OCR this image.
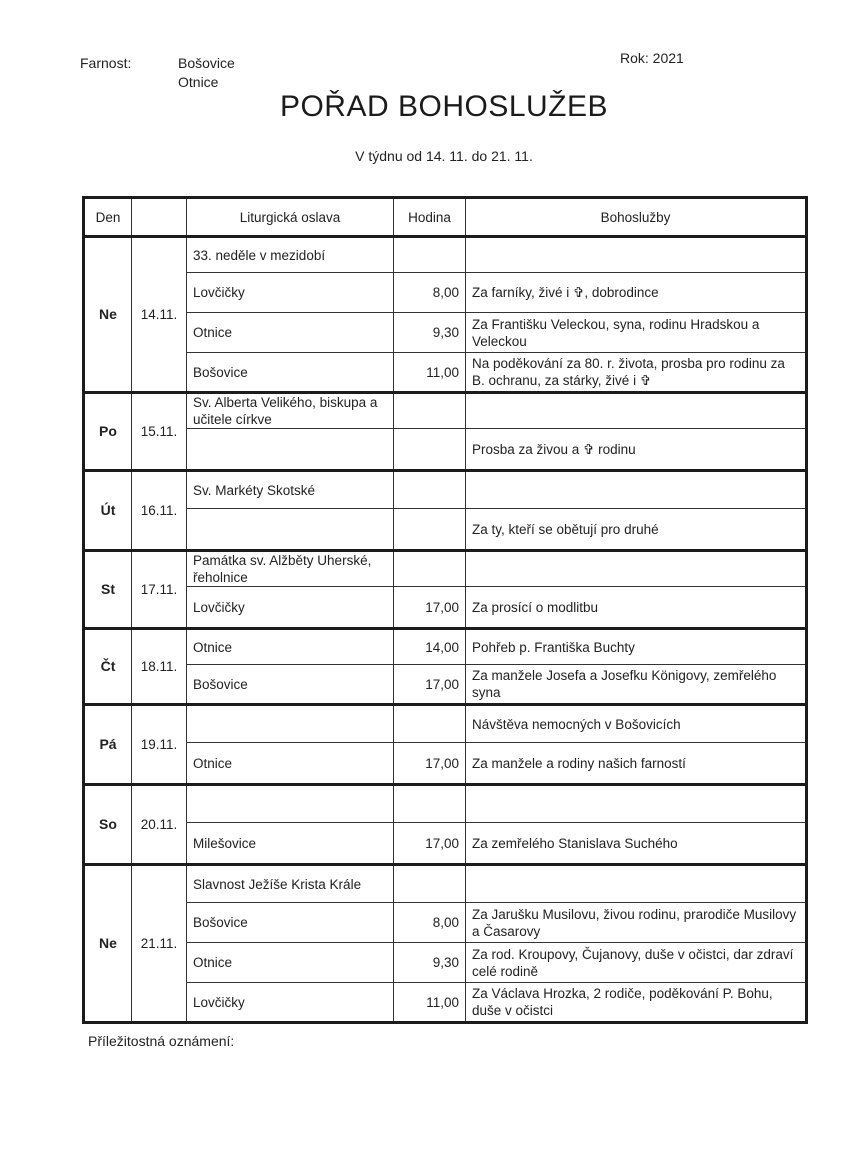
Farnost:	Bošovice
Otnice
Rok: 2021
POŘAD BOHOSLUŽEB
V týdnu od 14. 11. do 21. 11.
Den		Liturgická oslava	Hodina	Bohoslužby
Ne	14.11.	33. neděle v mezidobí		
		Lovčičky	8,00	Za farníky, živé i ✞, dobrodince
		Otnice	9,30	Za Františku Veleckou, syna, rodinu Hradskou a Veleckou
		Bošovice	11,00	Na poděkování za 80. r. života, prosba pro rodinu za B. ochranu, za stárky, živé i ✞
Po	15.11.	Sv. Alberta Velikého, biskupa a učitele církve		
				Prosba za živou a ✞ rodinu
Út	16.11.	Sv. Markéty Skotské		
				Za ty, kteří se obětují pro druhé
St	17.11.	Památka sv. Alžběty Uherské, řeholnice		
		Lovčičky	17,00	Za prosící o modlitbu
Čt	18.11.	Otnice	14,00	Pohřeb p. Františka Buchty
		Bošovice	17,00	Za manžele Josefa a Josefku Königovy, zemřelého syna
Pá	19.11.			Návštěva nemocných v Bošovicích
		Otnice	17,00	Za manžele a rodiny našich farností
So	20.11.			
		Milešovice	17,00	Za zemřelého Stanislava Suchého
Ne	21.11.	Slavnost Ježíše Krista Krále		
		Bošovice	8,00	Za Jarušku Musilovu, živou rodinu, prarodiče Musilovy a Časarovy
		Otnice	9,30	Za rod. Kroupovy, Čujanovy, duše v očistci, dar zdraví celé rodině
		Lovčičky	11,00	Za Václava Hrozka, 2 rodiče, poděkování P. Bohu, duše v očistci
Příležitostná oznámení:
